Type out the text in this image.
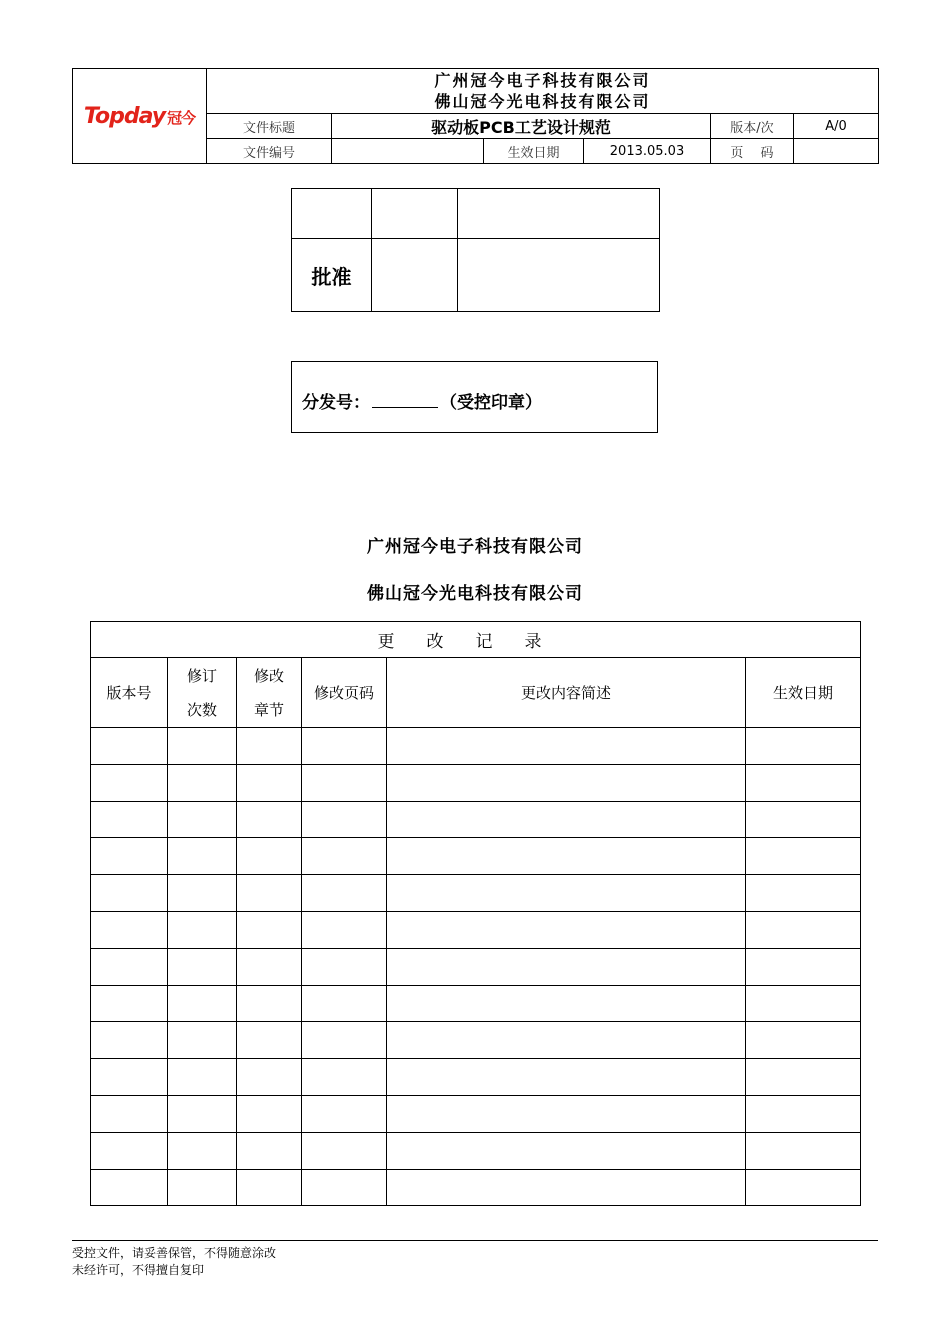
Topday 冠今	广州冠今电子科技有限公司
佛山冠今光电科技有限公司					

	文件标题	驱动板PCB工艺设计规范			版本/次	A/0
	文件编号		生效日期	2013.05.03	页　 码	

批准		
分发号：	（受控印章）
广州冠今电子科技有限公司
佛山冠今光电科技有限公司
更改记录					
版本号	修订次数	修改章节	修改页码	更改内容简述	生效日期

受控文件，请妥善保管，不得随意涂改
未经许可，不得擅自复印
